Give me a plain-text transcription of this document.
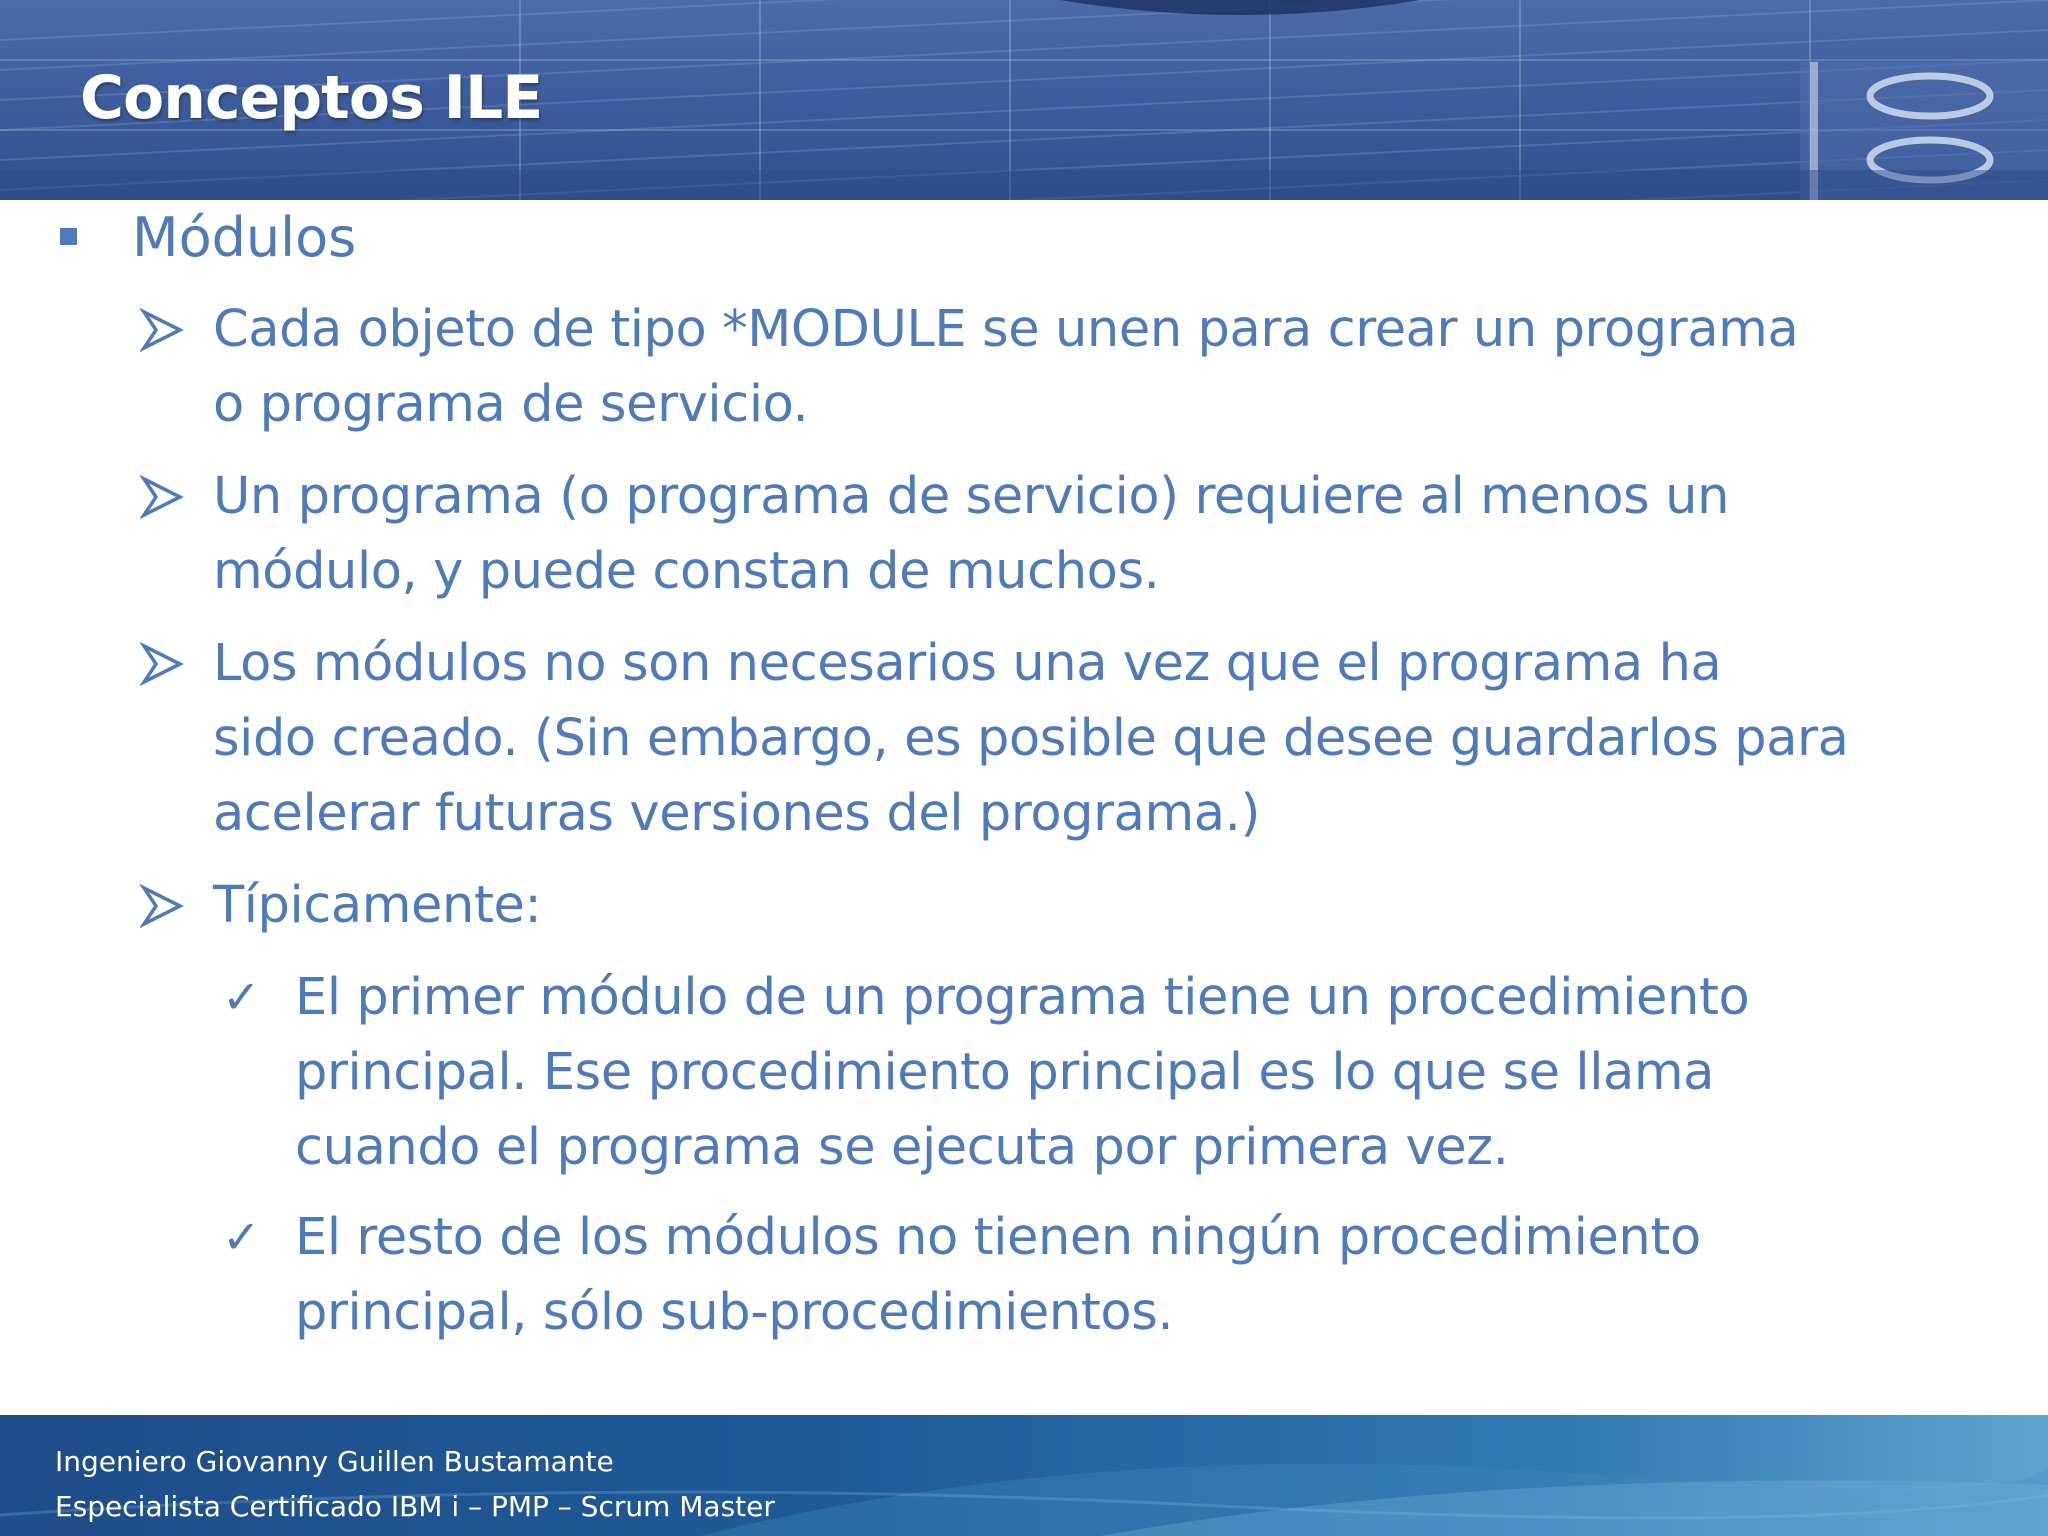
Conceptos ILE
Módulos
Cada objeto de tipo *MODULE se unen para crear un programa
o programa de servicio.
Un programa (o programa de servicio) requiere al menos un
módulo, y puede constan de muchos.
Los módulos no son necesarios una vez que el programa ha
sido creado. (Sin embargo, es posible que desee guardarlos para
acelerar futuras versiones del programa.)
Típicamente:
✓ El primer módulo de un programa tiene un procedimiento
principal. Ese procedimiento principal es lo que se llama
cuando el programa se ejecuta por primera vez.
✓ El resto de los módulos no tienen ningún procedimiento
principal, sólo sub-procedimientos.

Ingeniero Giovanny Guillen Bustamante

Especialista Certificado IBM i – PMP – Scrum Master
